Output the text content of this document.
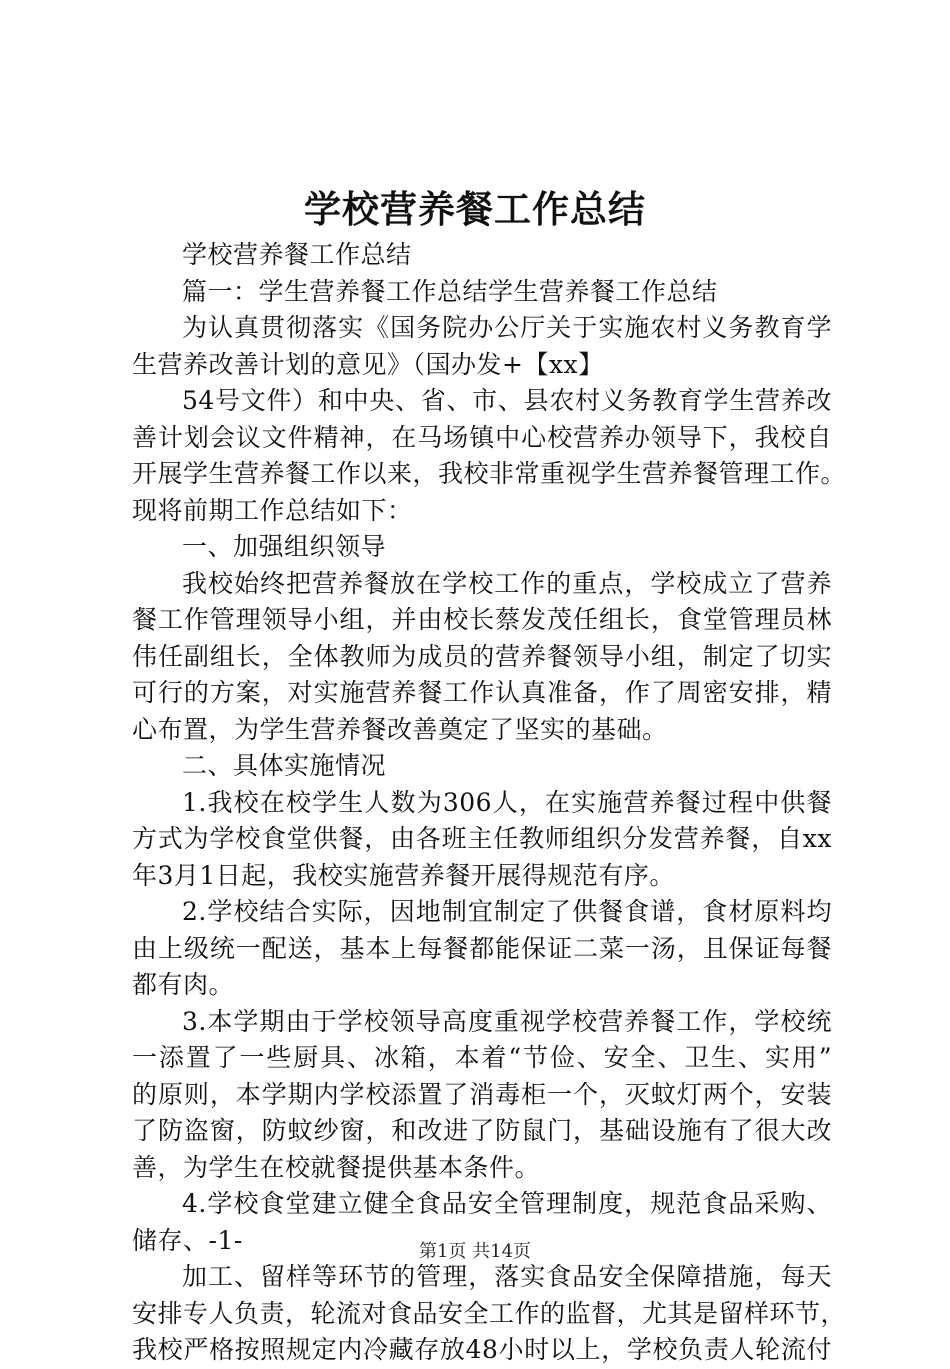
学校营养餐工作总结
学校营养餐工作总结
篇一：学生营养餐工作总结学生营养餐工作总结
为认真贯彻落实《国务院办公厅关于实施农村义务教育学
生营养改善计划的意见》（国办发+【xx】
54号文件）和中央、省、市、县农村义务教育学生营养改
善计划会议文件精神，在马场镇中心校营养办领导下，我校自
开展学生营养餐工作以来，我校非常重视学生营养餐管理工作。
现将前期工作总结如下：
一、加强组织领导
我校始终把营养餐放在学校工作的重点，学校成立了营养
餐工作管理领导小组，并由校长蔡发茂任组长，食堂管理员林
伟任副组长，全体教师为成员的营养餐领导小组，制定了切实
可行的方案，对实施营养餐工作认真准备，作了周密安排，精
心布置，为学生营养餐改善奠定了坚实的基础。
二、具体实施情况
1.我校在校学生人数为306人，在实施营养餐过程中供餐
方式为学校食堂供餐，由各班主任教师组织分发营养餐，自xx
年3月1日起，我校实施营养餐开展得规范有序。
2.学校结合实际，因地制宜制定了供餐食谱，食材原料均
由上级统一配送，基本上每餐都能保证二菜一汤，且保证每餐
都有肉。
3.本学期由于学校领导高度重视学校营养餐工作，学校统
一添置了一些厨具、冰箱，本着“节俭、安全、卫生、实用”
的原则，本学期内学校添置了消毒柜一个，灭蚊灯两个，安装
了防盗窗，防蚊纱窗，和改进了防鼠门，基础设施有了很大改
善，为学生在校就餐提供基本条件。
4.学校食堂建立健全食品安全管理制度，规范食品采购、
储存、-1-
加工、留样等环节的管理，落实食品安全保障措施，每天
安排专人负责，轮流对食品安全工作的监督，尤其是留样环节，
我校严格按照规定内冷藏存放48小时以上，学校负责人轮流付
第1页 共14页
